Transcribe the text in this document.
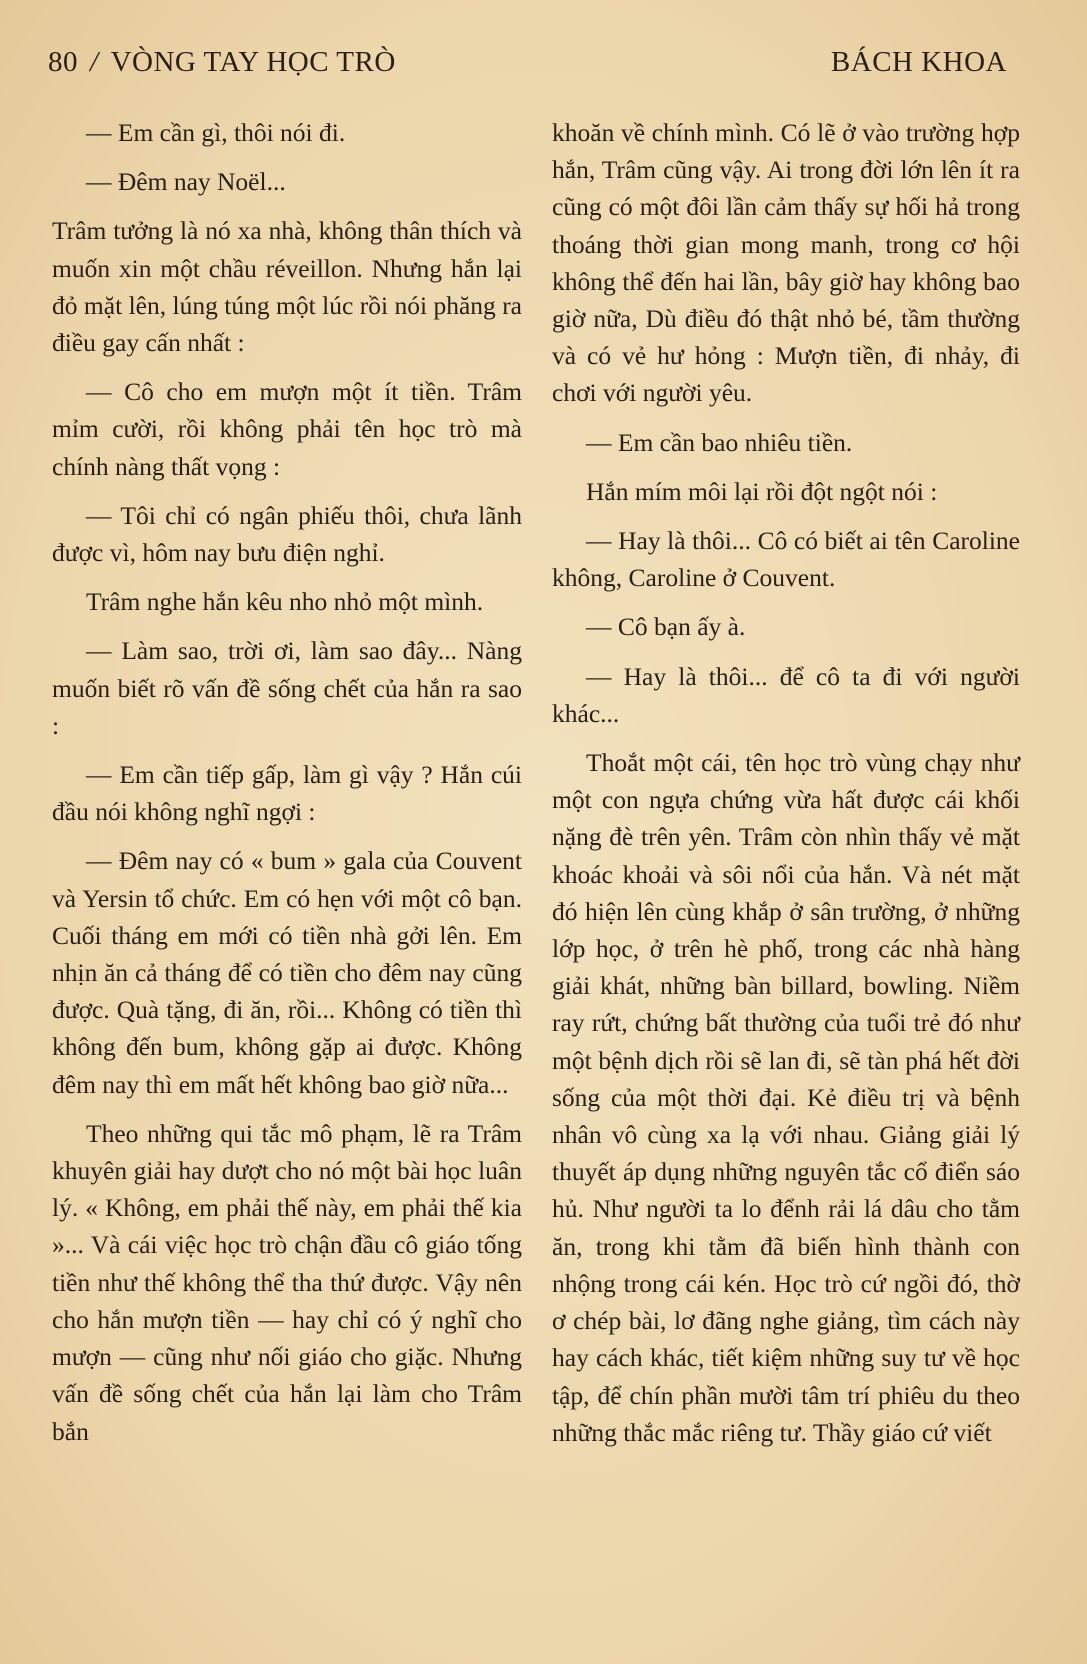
80 / VÒNG TAY HỌC TRÒ	BÁCH KHOA

— Em cần gì, thôi nói đi.

— Đêm nay Noël...

Trâm tưởng là nó xa nhà, không thân thích và muốn xin một chầu réveillon. Nhưng hắn lại đỏ mặt lên, lúng túng một lúc rồi nói phăng ra điều gay cấn nhất :

— Cô cho em mượn một ít tiền. Trâm mỉm cười, rồi không phải tên học trò mà chính nàng thất vọng :

— Tôi chỉ có ngân phiếu thôi, chưa lãnh được vì, hôm nay bưu điện nghỉ.

Trâm nghe hắn kêu nho nhỏ một mình.

— Làm sao, trời ơi, làm sao đây... Nàng muốn biết rõ vấn đề sống chết của hắn ra sao :

— Em cần tiếp gấp, làm gì vậy ? Hắn cúi đầu nói không nghĩ ngợi :

— Đêm nay có « bum » gala của Couvent và Yersin tổ chức. Em có hẹn với một cô bạn. Cuối tháng em mới có tiền nhà gởi lên. Em nhịn ăn cả tháng để có tiền cho đêm nay cũng được. Quà tặng, đi ăn, rồi... Không có tiền thì không đến bum, không gặp ai được. Không đêm nay thì em mất hết không bao giờ nữa...

Theo những qui tắc mô phạm, lẽ ra Trâm khuyên giải hay dượt cho nó một bài học luân lý. « Không, em phải thế này, em phải thế kia »... Và cái việc học trò chận đầu cô giáo tống tiền như thế không thể tha thứ được. Vậy nên cho hắn mượn tiền — hay chỉ có ý nghĩ cho mượn — cũng như nối giáo cho giặc. Nhưng vấn đề sống chết của hắn lại làm cho Trâm bắn

khoăn về chính mình. Có lẽ ở vào trường hợp hắn, Trâm cũng vậy. Ai trong đời lớn lên ít ra cũng có một đôi lần cảm thấy sự hối hả trong thoáng thời gian mong manh, trong cơ hội không thể đến hai lần, bây giờ hay không bao giờ nữa, Dù điều đó thật nhỏ bé, tầm thường và có vẻ hư hỏng : Mượn tiền, đi nhảy, đi chơi với người yêu.

— Em cần bao nhiêu tiền.

Hắn mím môi lại rồi đột ngột nói :

— Hay là thôi... Cô có biết ai tên Caroline không, Caroline ở Couvent.

— Cô bạn ấy à.

— Hay là thôi... để cô ta đi với người khác...

Thoắt một cái, tên học trò vùng chạy như một con ngựa chứng vừa hất được cái khối nặng đè trên yên. Trâm còn nhìn thấy vẻ mặt khoác khoải và sôi nổi của hắn. Và nét mặt đó hiện lên cùng khắp ở sân trường, ở những lớp học, ở trên hè phố, trong các nhà hàng giải khát, những bàn billard, bowling. Niềm ray rứt, chứng bất thường của tuổi trẻ đó như một bệnh dịch rồi sẽ lan đi, sẽ tàn phá hết đời sống của một thời đại. Kẻ điều trị và bệnh nhân vô cùng xa lạ với nhau. Giảng giải lý thuyết áp dụng những nguyên tắc cổ điển sáo hủ. Như người ta lo đểnh rải lá dâu cho tằm ăn, trong khi tằm đã biến hình thành con nhộng trong cái kén. Học trò cứ ngồi đó, thờ ơ chép bài, lơ đãng nghe giảng, tìm cách này hay cách khác, tiết kiệm những suy tư về học tập, để chín phần mười tâm trí phiêu du theo những thắc mắc riêng tư. Thầy giáo cứ viết
